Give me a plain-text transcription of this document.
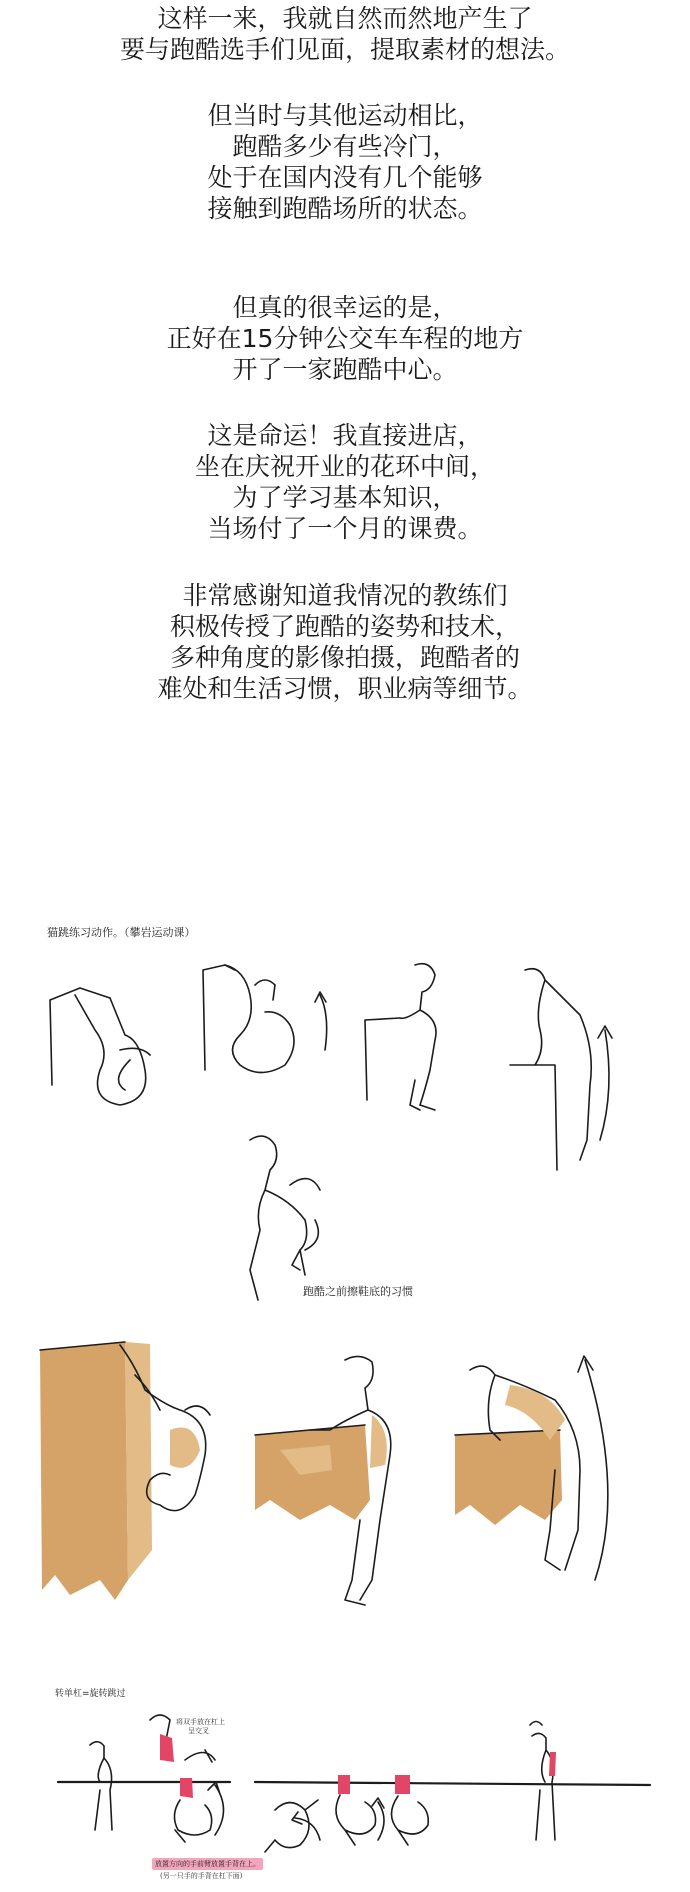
这样一来，我就自然而然地产生了
要与跑酷选手们见面，提取素材的想法。
但当时与其他运动相比，
跑酷多少有些冷门，
处于在国内没有几个能够
接触到跑酷场所的状态。
但真的很幸运的是，
正好在15分钟公交车车程的地方
开了一家跑酷中心。
这是命运！我直接进店，
坐在庆祝开业的花环中间，
为了学习基本知识，
当场付了一个月的课费。
非常感谢知道我情况的教练们
积极传授了跑酷的姿势和技术，
多种角度的影像拍摄，跑酷者的
难处和生活习惯，职业病等细节。
猫跳练习动作。（攀岩运动课）
跑酷之前擦鞋底的习惯
转单杠=旋转跳过
将双手放在杠上
呈交叉
放置方向的手前臂放置手背在上。
(另一只手的手背在杠下面)
